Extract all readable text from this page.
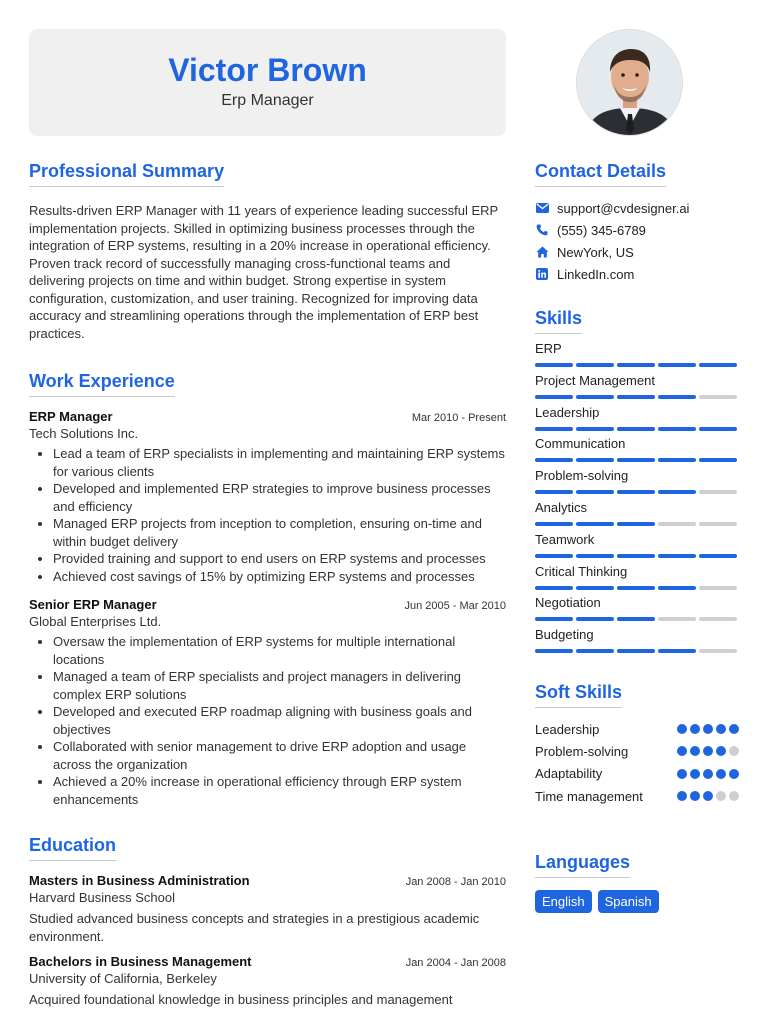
Victor Brown
Erp Manager
Professional Summary

Results-driven ERP Manager with 11 years of experience leading successful ERP implementation projects. Skilled in optimizing business processes through the integration of ERP systems, resulting in a 20% increase in operational efficiency. Proven track record of successfully managing cross-functional teams and delivering projects on time and within budget. Strong expertise in system configuration, customization, and user training. Recognized for improving data accuracy and streamlining operations through the implementation of ERP best practices.

Work Experience
ERP Manager	Mar 2010 - Present
Tech Solutions Inc.
• Lead a team of ERP specialists in implementing and maintaining ERP systems for various clients
• Developed and implemented ERP strategies to improve business processes and efficiency
• Managed ERP projects from inception to completion, ensuring on-time and within budget delivery
• Provided training and support to end users on ERP systems and processes
• Achieved cost savings of 15% by optimizing ERP systems and processes
Senior ERP Manager	Jun 2005 - Mar 2010
Global Enterprises Ltd.
• Oversaw the implementation of ERP systems for multiple international locations
• Managed a team of ERP specialists and project managers in delivering complex ERP solutions
• Developed and executed ERP roadmap aligning with business goals and objectives
• Collaborated with senior management to drive ERP adoption and usage across the organization
• Achieved a 20% increase in operational efficiency through ERP system enhancements
Education
Masters in Business Administration	Jan 2008 - Jan 2010
Harvard Business School

Studied advanced business concepts and strategies in a prestigious academic environment.

Bachelors in Business Management	Jan 2004 - Jan 2008
University of California, Berkeley

Acquired foundational knowledge in business principles and management

Contact Details
support@cvdesigner.ai
(555) 345-6789
NewYork, US
LinkedIn.com
Skills
ERP
Project Management
Leadership
Communication
Problem-solving
Analytics
Teamwork
Critical Thinking
Negotiation
Budgeting
Soft Skills
Leadership
Problem-solving
Adaptability
Time management
Languages
English	Spanish
